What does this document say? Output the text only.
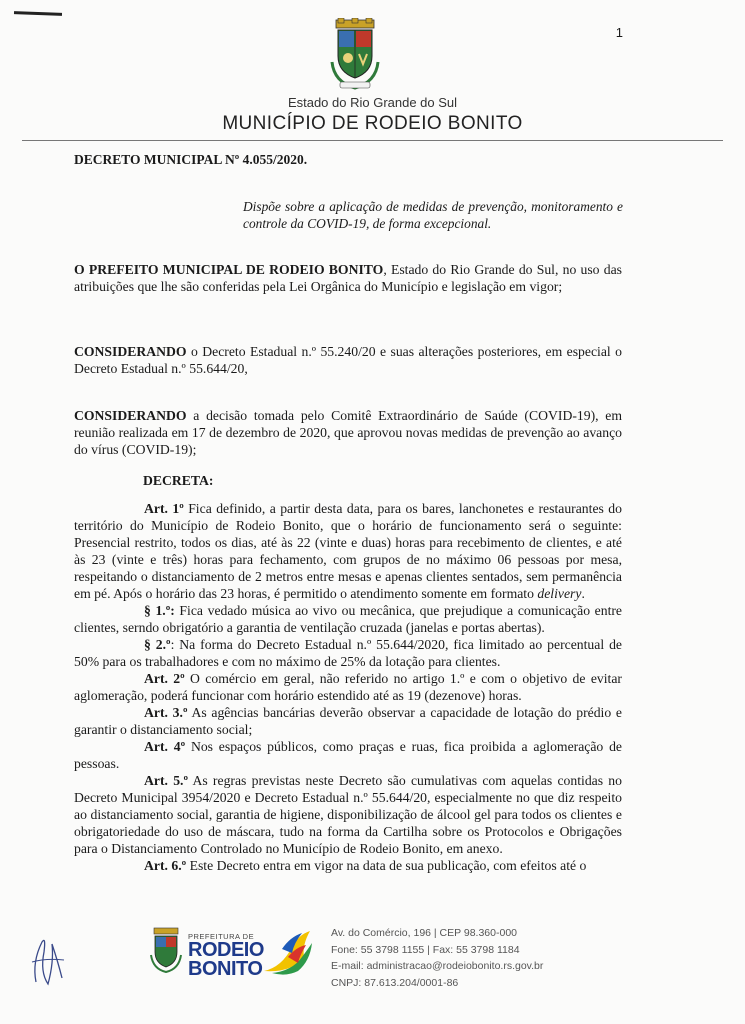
1
Estado do Rio Grande do Sul
MUNICÍPIO DE RODEIO BONITO
DECRETO MUNICIPAL Nº 4.055/2020.
Dispõe sobre a aplicação de medidas de prevenção, monitoramento e controle da COVID-19, de forma excepcional.
O PREFEITO MUNICIPAL DE RODEIO BONITO, Estado do Rio Grande do Sul, no uso das atribuições que lhe são conferidas pela Lei Orgânica do Município e legislação em vigor;
CONSIDERANDO o Decreto Estadual n.º 55.240/20 e suas alterações posteriores, em especial o Decreto Estadual n.º 55.644/20,
CONSIDERANDO a decisão tomada pelo Comitê Extraordinário de Saúde (COVID-19), em reunião realizada em 17 de dezembro de 2020, que aprovou novas medidas de prevenção ao avanço do vírus (COVID-19);
DECRETA:

Art. 1º Fica definido, a partir desta data, para os bares, lanchonetes e restaurantes do território do Município de Rodeio Bonito, que o horário de funcionamento será o seguinte: Presencial restrito, todos os dias, até às 22 (vinte e duas) horas para recebimento de clientes, e até às 23 (vinte e três) horas para fechamento, com grupos de no máximo 06 pessoas por mesa, respeitando o distanciamento de 2 metros entre mesas e apenas clientes sentados, sem permanência em pé. Após o horário das 23 horas, é permitido o atendimento somente em formato delivery.

§ 1.º: Fica vedado música ao vivo ou mecânica, que prejudique a comunicação entre clientes, serndo obrigatório a garantia de ventilação cruzada (janelas e portas abertas).

§ 2.º: Na forma do Decreto Estadual n.º 55.644/2020, fica limitado ao percentual de 50% para os trabalhadores e com no máximo de 25% da lotação para clientes.

Art. 2º O comércio em geral, não referido no artigo 1.º e com o objetivo de evitar aglomeração, poderá funcionar com horário estendido até as 19 (dezenove) horas.

Art. 3.º As agências bancárias deverão observar a capacidade de lotação do prédio e garantir o distanciamento social;

Art. 4º Nos espaços públicos, como praças e ruas, fica proibida a aglomeração de pessoas.

Art. 5.º As regras previstas neste Decreto são cumulativas com aquelas contidas no Decreto Municipal 3954/2020 e Decreto Estadual n.º 55.644/20, especialmente no que diz respeito ao distanciamento social, garantia de higiene, disponibilização de álcool gel para todos os clientes e obrigatoriedade do uso de máscara, tudo na forma da Cartilha sobre os Protocolos e Obrigações para o Distanciamento Controlado no Município de Rodeio Bonito, em anexo.

Art. 6.º Este Decreto entra em vigor na data de sua publicação, com efeitos até o

PREFEITURA DE
RODEIO
BONITO
Av. do Comércio, 196 | CEP 98.360-000
Fone: 55 3798 1155 | Fax: 55 3798 1184
E-mail: administracao@rodeiobonito.rs.gov.br
CNPJ: 87.613.204/0001-86
